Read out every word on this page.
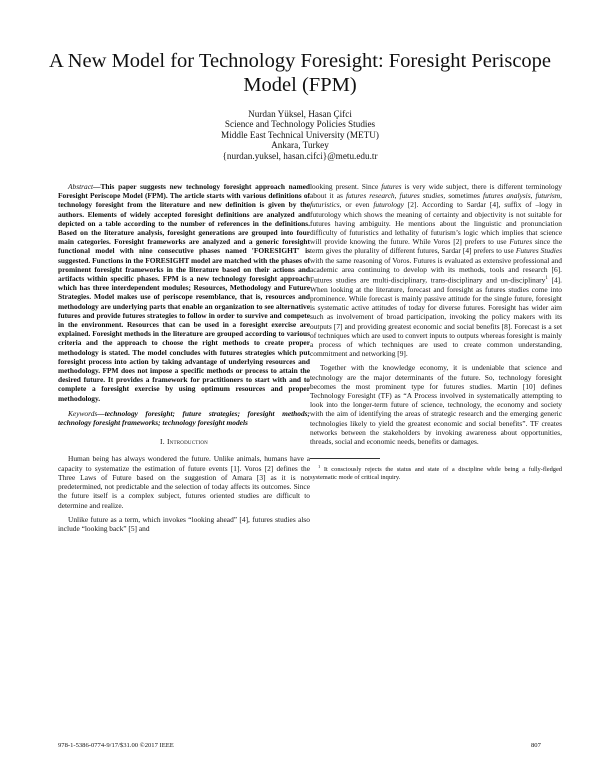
A New Model for Technology Foresight: Foresight Periscope Model (FPM)
Nurdan Yüksel, Hasan Çifci
Science and Technology Policies Studies
Middle East Technical University (METU)
Ankara, Turkey
{nurdan.yuksel, hasan.cifci}@metu.edu.tr

Abstract—This paper suggests new technology foresight approach named Foresight Periscope Model (FPM). The article starts with various definitions of technology foresight from the literature and new definition is given by the authors. Elements of widely accepted foresight definitions are analyzed and depicted on a table according to the number of references in the definitions. Based on the literature analysis, foresight generations are grouped into four main categories. Foresight frameworks are analyzed and a generic foresight functional model with nine consecutive phases named 'FORESIGHT' is suggested. Functions in the FORESIGHT model are matched with the phases of prominent foresight frameworks in the literature based on their actions and artifacts within specific phases. FPM is a new technology foresight approach which has three interdependent modules; Resources, Methodology and Future Strategies. Model makes use of periscope resemblance, that is, resources and methodology are underlying parts that enable an organization to see alternative futures and provide futures strategies to follow in order to survive and compete in the environment. Resources that can be used in a foresight exercise are explained. Foresight methods in the literature are grouped according to various criteria and the approach to choose the right methods to create proper methodology is stated. The model concludes with futures strategies which put foresight process into action by taking advantage of underlying resources and methodology. FPM does not impose a specific methods or process to attain the desired future. It provides a framework for practitioners to start with and to complete a foresight exercise by using optimum resources and proper methodology.

Keywords—technology foresight; future strategies; foresight methods; technology foresight frameworks; technology foresight models

I. Introduction

Human being has always wondered the future. Unlike animals, humans have a capacity to systematize the estimation of future events [1]. Voros [2] defines the Three Laws of Future based on the suggestion of Amara [3] as it is not predetermined, not predictable and the selection of today affects its outcomes. Since the future itself is a complex subject, futures oriented studies are difficult to determine and realize.

Unlike future as a term, which invokes “looking ahead” [4], futures studies also include “looking back” [5] and

looking present. Since futures is very wide subject, there is different terminology about it as futures research, futures studies, sometimes futures analysis, futurism, futuristics, or even futurology [2]. According to Sardar [4], suffix of –logy in futurology which shows the meaning of certainty and objectivity is not suitable for futures having ambiguity. He mentions about the linguistic and pronunciation difficulty of futuristics and lethality of futurism’s logic which implies that science will provide knowing the future. While Voros [2] prefers to use Futures since the term gives the plurality of different futures, Sardar [4] prefers to use Futures Studies with the same reasoning of Voros. Futures is evaluated as extensive professional and academic area continuing to develop with its methods, tools and research [6]. Futures studies are multi-disciplinary, trans-disciplinary and un-disciplinary$^1$ [4]. When looking at the literature, forecast and foresight as futures studies come into prominence. While forecast is mainly passive attitude for the single future, foresight is systematic active attitudes of today for diverse futures. Foresight has wider aim such as involvement of broad participation, invoking the policy makers with its outputs [7] and providing greatest economic and social benefits [8]. Forecast is a set of techniques which are used to convert inputs to outputs whereas foresight is mainly a process of which techniques are used to create common understanding, commitment and networking [9].

Together with the knowledge economy, it is undeniable that science and technology are the major determinants of the future. So, technology foresight becomes the most prominent type for futures studies. Martin [10] defines Technology Foresight (TF) as “A Process involved in systematically attempting to look into the longer-term future of science, technology, the economy and society with the aim of identifying the areas of strategic research and the emerging generic technologies likely to yield the greatest economic and social benefits”. TF creates networks between the stakeholders by invoking awareness about opportunities, threads, social and economic needs, benefits or damages.

$^1$ It consciously rejects the status and state of a discipline while being a fully-fledged systematic mode of critical inquiry.

978-1-5386-0774-9/17/$31.00 ©2017 IEEE	807
